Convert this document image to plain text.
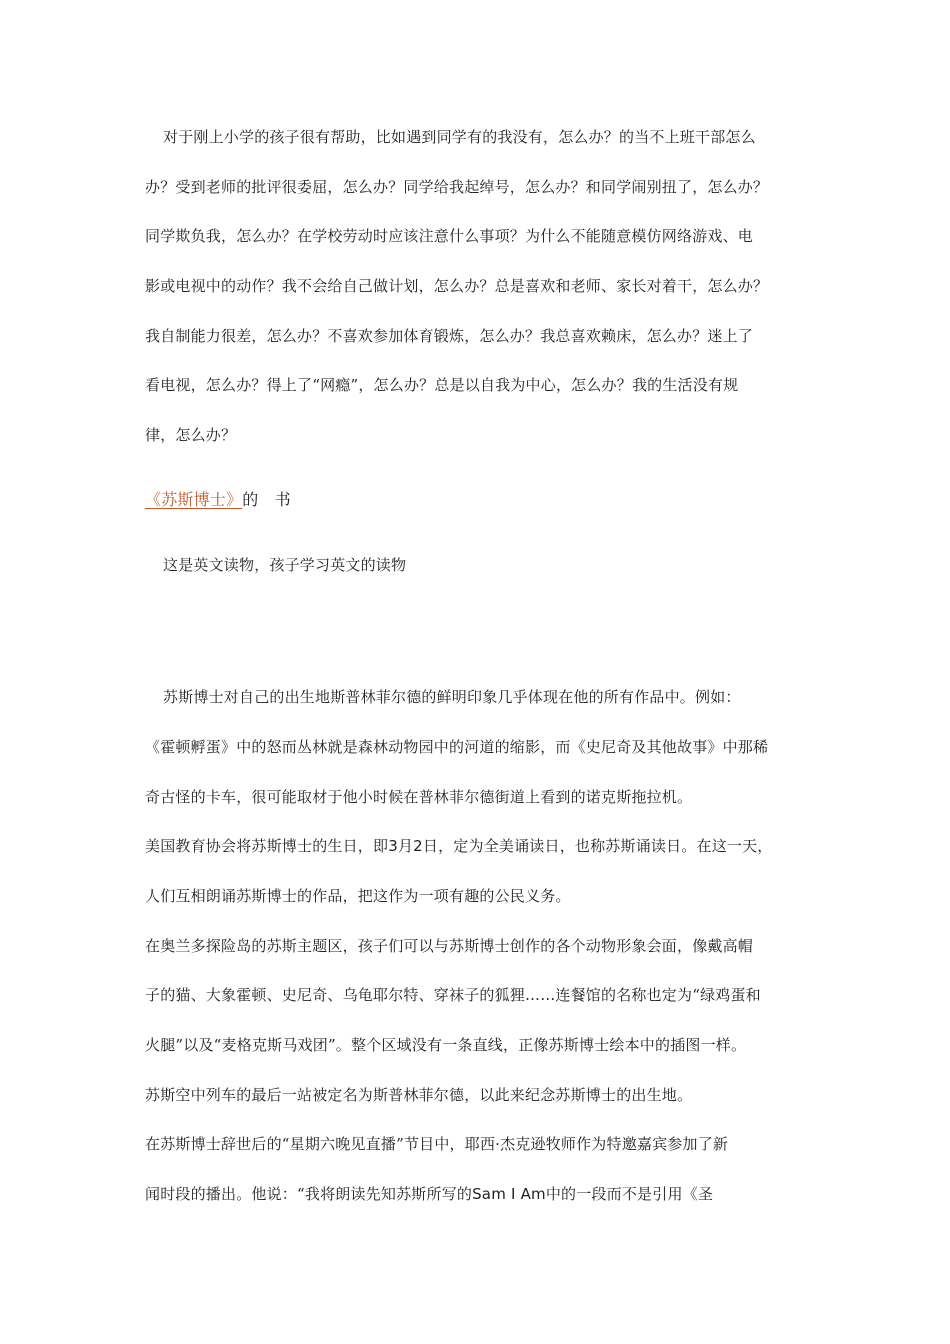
对于刚上小学的孩子很有帮助，比如遇到同学有的我没有，怎么办？的当不上班干部怎么
办？受到老师的批评很委屈，怎么办？同学给我起绰号，怎么办？和同学闹别扭了，怎么办？
同学欺负我，怎么办？在学校劳动时应该注意什么事项？为什么不能随意模仿网络游戏、电
影或电视中的动作？我不会给自己做计划，怎么办？总是喜欢和老师、家长对着干，怎么办？
我自制能力很差，怎么办？不喜欢参加体育锻炼，怎么办？我总喜欢赖床，怎么办？迷上了
看电视，怎么办？得上了“网瘾”，怎么办？总是以自我为中心，怎么办？我的生活没有规
律，怎么办？
《苏斯博士》的　书
这是英文读物，孩子学习英文的读物
苏斯博士对自己的出生地斯普林菲尔德的鲜明印象几乎体现在他的所有作品中。例如：
《霍顿孵蛋》中的怒而丛林就是森林动物园中的河道的缩影，而《史尼奇及其他故事》中那稀
奇古怪的卡车，很可能取材于他小时候在普林菲尔德街道上看到的诺克斯拖拉机。
美国教育协会将苏斯博士的生日，即3月2日，定为全美诵读日，也称苏斯诵读日。在这一天，
人们互相朗诵苏斯博士的作品，把这作为一项有趣的公民义务。
在奥兰多探险岛的苏斯主题区，孩子们可以与苏斯博士创作的各个动物形象会面，像戴高帽
子的猫、大象霍顿、史尼奇、乌龟耶尔特、穿袜子的狐狸……连餐馆的名称也定为“绿鸡蛋和
火腿”以及“麦格克斯马戏团”。整个区域没有一条直线，正像苏斯博士绘本中的插图一样。
苏斯空中列车的最后一站被定名为斯普林菲尔德，以此来纪念苏斯博士的出生地。
在苏斯博士辞世后的“星期六晚见直播”节目中，耶西·杰克逊牧师作为特邀嘉宾参加了新
闻时段的播出。他说：“我将朗读先知苏斯所写的Sam I Am中的一段而不是引用《圣
